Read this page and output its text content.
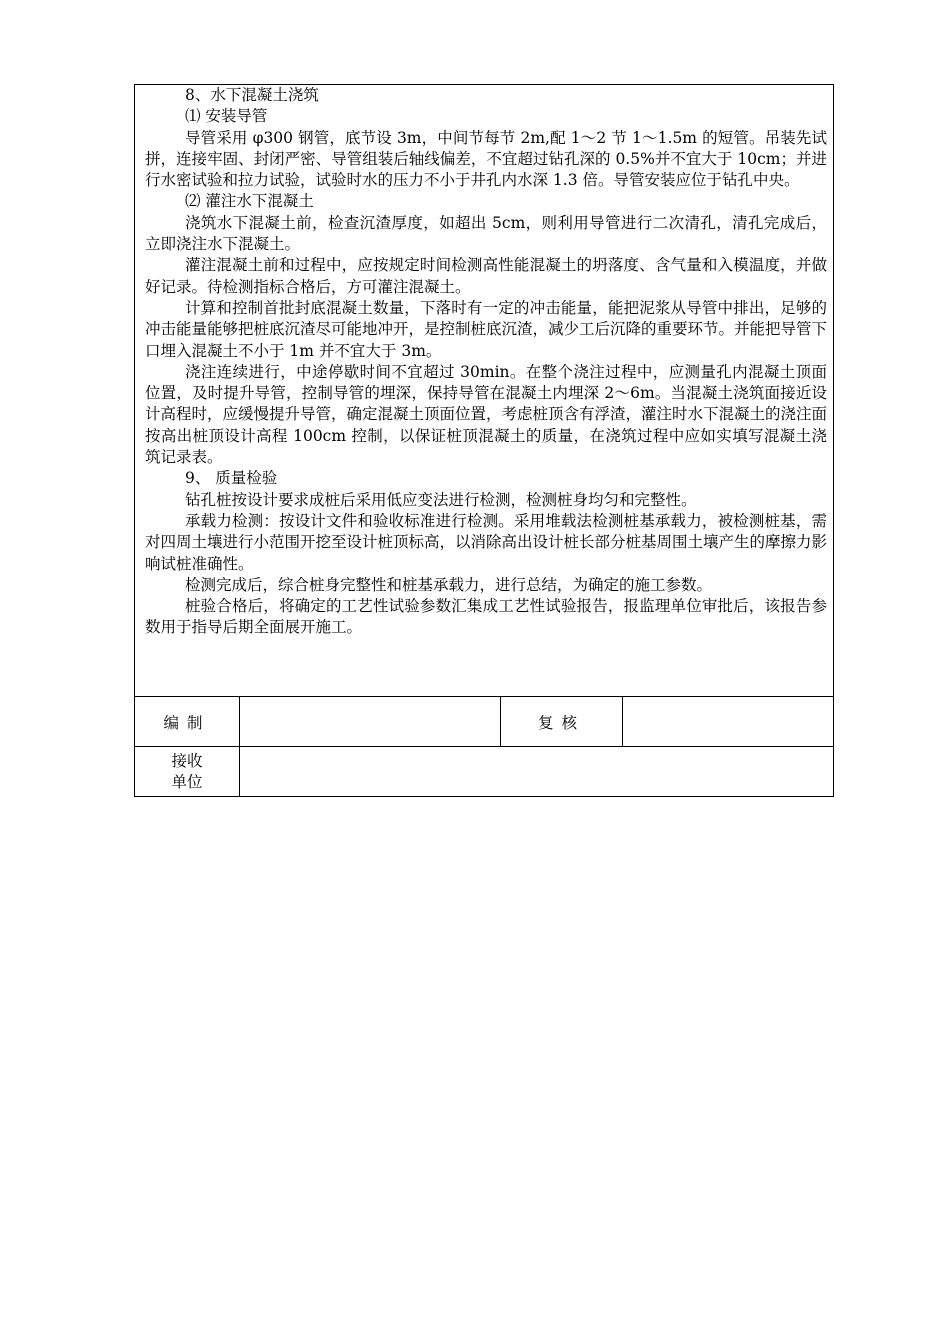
8、水下混凝土浇筑

⑴ 安装导管

导管采用 φ300 钢管，底节设 3m，中间节每节 2m,配 1～2 节 1～1.5m 的短管。吊装先试拼，连接牢固、封闭严密、导管组装后轴线偏差，不宜超过钻孔深的 0.5%并不宜大于 10cm；并进行水密试验和拉力试验，试验时水的压力不小于井孔内水深 1.3 倍。导管安装应位于钻孔中央。

⑵ 灌注水下混凝土

浇筑水下混凝土前，检查沉渣厚度，如超出 5cm，则利用导管进行二次清孔，清孔完成后，立即浇注水下混凝土。

灌注混凝土前和过程中，应按规定时间检测高性能混凝土的坍落度、含气量和入模温度，并做好记录。待检测指标合格后，方可灌注混凝土。

计算和控制首批封底混凝土数量，下落时有一定的冲击能量，能把泥浆从导管中排出，足够的冲击能量能够把桩底沉渣尽可能地冲开，是控制桩底沉渣，减少工后沉降的重要环节。并能把导管下口埋入混凝土不小于 1m 并不宜大于 3m。

浇注连续进行，中途停歇时间不宜超过 30min。在整个浇注过程中，应测量孔内混凝土顶面位置，及时提升导管，控制导管的埋深，保持导管在混凝土内埋深 2～6m。当混凝土浇筑面接近设计高程时，应缓慢提升导管，确定混凝土顶面位置，考虑桩顶含有浮渣，灌注时水下混凝土的浇注面按高出桩顶设计高程 100cm 控制，以保证桩顶混凝土的质量，在浇筑过程中应如实填写混凝土浇筑记录表。

9、 质量检验

钻孔桩按设计要求成桩后采用低应变法进行检测，检测桩身均匀和完整性。

承载力检测：按设计文件和验收标准进行检测。采用堆载法检测桩基承载力，被检测桩基，需对四周土壤进行小范围开挖至设计桩顶标高，以消除高出设计桩长部分桩基周围土壤产生的摩擦力影响试桩准确性。

检测完成后，综合桩身完整性和桩基承载力，进行总结，为确定的施工参数。

桩验合格后，将确定的工艺性试验参数汇集成工艺性试验报告，报监理单位审批后，该报告参数用于指导后期全面展开施工。

编制	复核
接收
单位
